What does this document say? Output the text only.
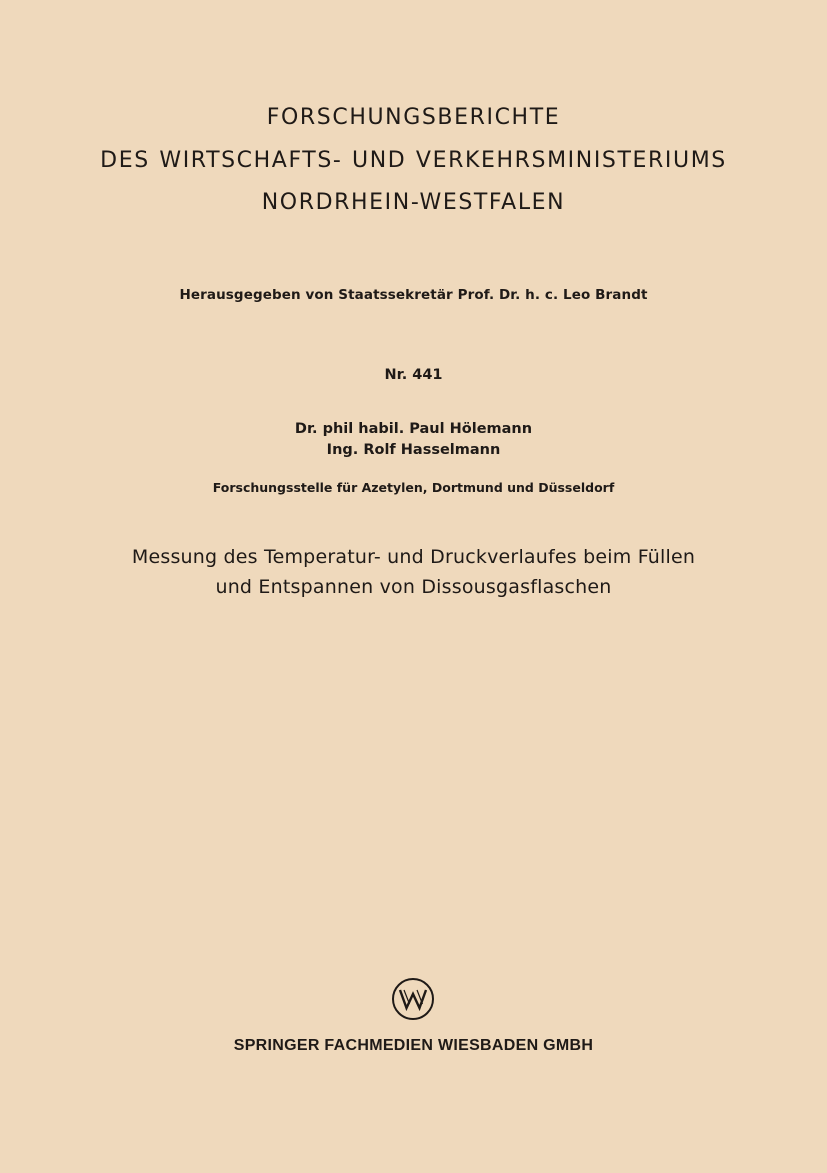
FORSCHUNGSBERICHTE
DES WIRTSCHAFTS- UND VERKEHRSMINISTERIUMS
NORDRHEIN-WESTFALEN
Herausgegeben von Staatssekretär Prof. Dr. h. c. Leo Brandt
Nr. 441
Dr. phil habil. Paul Hölemann
Ing. Rolf Hasselmann
Forschungsstelle für Azetylen, Dortmund und Düsseldorf
Messung des Temperatur- und Druckverlaufes beim Füllen
und Entspannen von Dissousgasflaschen
SPRINGER FACHMEDIEN WIESBADEN GMBH
